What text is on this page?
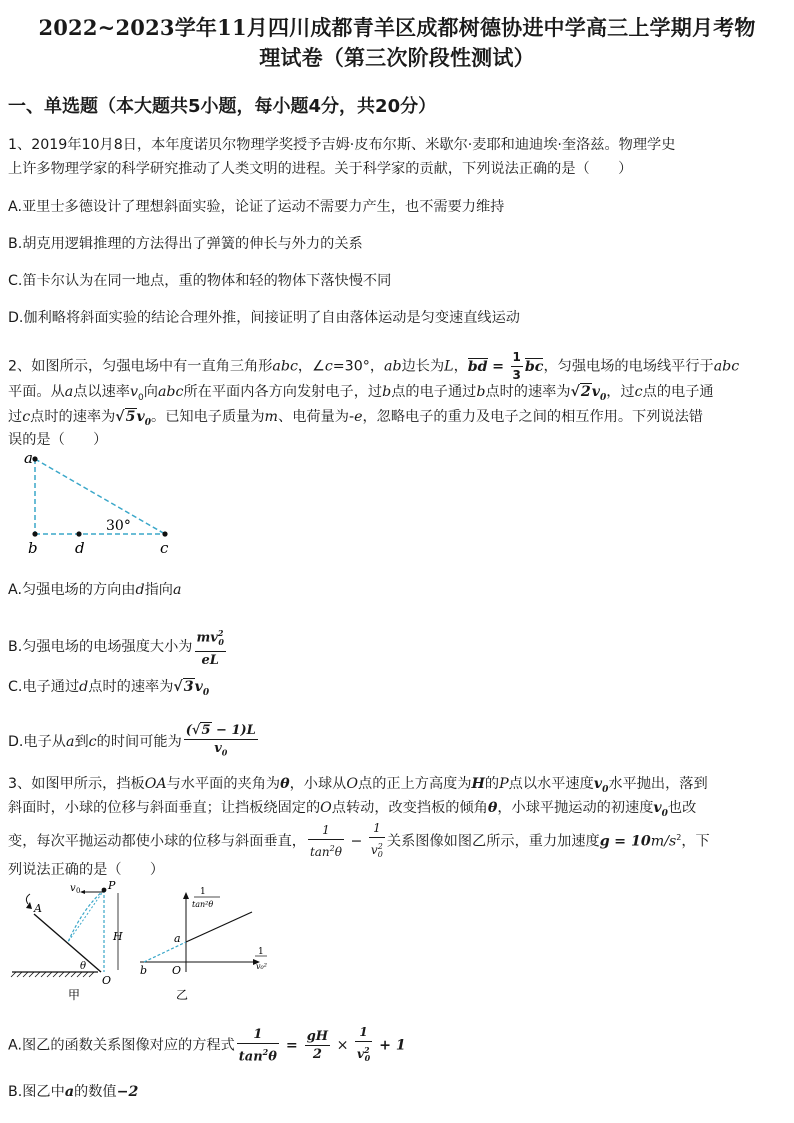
2022~2023学年11月四川成都青羊区成都树德协进中学高三上学期月考物
理试卷（第三次阶段性测试）
一、单选题（本大题共5小题，每小题4分，共20分）
1、2019年10月8日，本年度诺贝尔物理学奖授予吉姆·皮布尔斯、米歇尔·麦耶和迪迪埃·奎洛兹。物理学史
上许多物理学家的科学研究推动了人类文明的进程。关于科学家的贡献，下列说法正确的是（　　）
A.亚里士多德设计了理想斜面实验，论证了运动不需要力产生，也不需要力维持
B.胡克用逻辑推理的方法得出了弹簧的伸长与外力的关系
C.笛卡尔认为在同一地点，重的物体和轻的物体下落快慢不同
D.伽利略将斜面实验的结论合理外推，间接证明了自由落体运动是匀变速直线运动
2、如图所示，匀强电场中有一直角三角形abc，∠c=30°，ab边长为L，bd = $\frac{1}{3}$ bc，匀强电场的电场线平行于abc
平面。从a点以速率$v_0$向abc所在平面内各方向发射电子，过b点的电子通过b点时的速率为$√2v_0$，过c点的电子通
过c点时的速率为$√5v_0$。已知电子质量为m、电荷量为-e，忽略电子的重力及电子之间的相互作用。下列说法错
误的是（　　）
a
b d	c
30°
A.匀强电场的方向由d指向a
B.匀强电场的电场强度大小为 $\frac{mv^2_0}{eL}$
C.电子通过d点时的速率为$√3v_0$
D.电子从a到c的时间可能为 $\frac{(√5 - 1)L}{v_0}$
3、如图甲所示，挡板OA与水平面的夹角为θ，小球从O点的正上方高度为H的P点以水平速度$v_0$水平抛出，落到
斜面时，小球的位移与斜面垂直；让挡板绕固定的O点转动，改变挡板的倾角θ，小球平抛运动的初速度$v_0$也改
变，每次平抛运动都使小球的位移与斜面垂直， $\frac{1}{\tan^2\theta} - \frac{1}{v^2_0}$ 关系图像如图乙所示，重力加速度$g = 10m/s^2$，下
列说法正确的是（　　）
v 0	P
H
A
θ
O
甲
1
tan²θ
1
v₀²
a
b O
乙
A.图乙的函数关系图像对应的方程式 $\frac{1}{\tan^2\theta} = \frac{gH}{2} \times \frac{1}{v^2_0} + 1$
B.图乙中a的数值−2
